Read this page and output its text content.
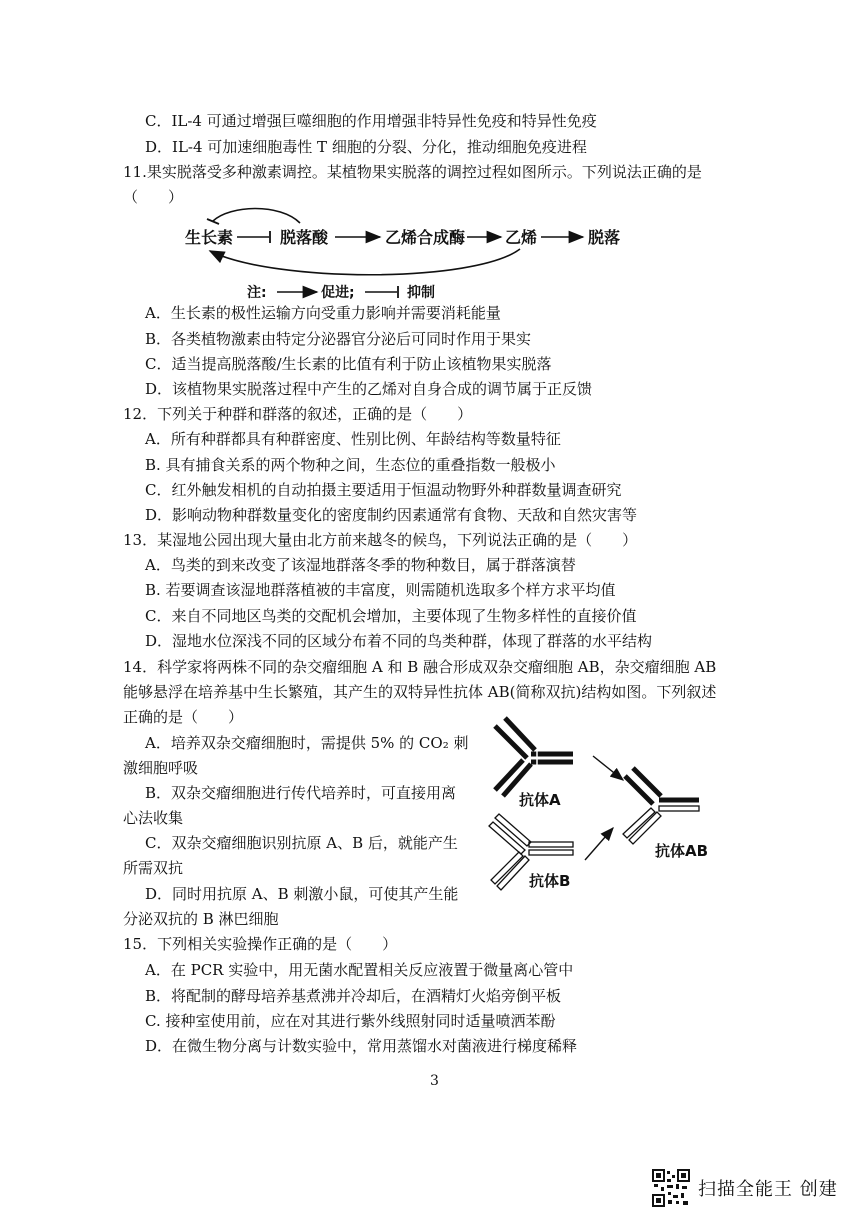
C．IL-4 可通过增强巨噬细胞的作用增强非特异性免疫和特异性免疫
D．IL-4 可加速细胞毒性 T 细胞的分裂、分化，推动细胞免疫进程
11.果实脱落受多种激素调控。某植物果实脱落的调控过程如图所示。下列说法正确的是
（　　）
生长素	脱落酸	乙烯合成酶 乙烯	脱落
注:	促进;	抑制
A．生长素的极性运输方向受重力影响并需要消耗能量
B．各类植物激素由特定分泌器官分泌后可同时作用于果实
C．适当提高脱落酸/生长素的比值有利于防止该植物果实脱落
D．该植物果实脱落过程中产生的乙烯对自身合成的调节属于正反馈
12．下列关于种群和群落的叙述，正确的是（　　）
A．所有种群都具有种群密度、性别比例、年龄结构等数量特征
B. 具有捕食关系的两个物种之间，生态位的重叠指数一般极小
C．红外触发相机的自动拍摄主要适用于恒温动物野外种群数量调查研究
D．影响动物种群数量变化的密度制约因素通常有食物、天敌和自然灾害等
13．某湿地公园出现大量由北方前来越冬的候鸟，下列说法正确的是（　　）
A．鸟类的到来改变了该湿地群落冬季的物种数目，属于群落演替
B. 若要调查该湿地群落植被的丰富度，则需随机选取多个样方求平均值
C．来自不同地区鸟类的交配机会增加，主要体现了生物多样性的直接价值
D．湿地水位深浅不同的区域分布着不同的鸟类种群，体现了群落的水平结构
14．科学家将两株不同的杂交瘤细胞 A 和 B 融合形成双杂交瘤细胞 AB，杂交瘤细胞 AB
能够悬浮在培养基中生长繁殖，其产生的双特异性抗体 AB(简称双抗)结构如图。下列叙述
正确的是（　　）
A．培养双杂交瘤细胞时，需提供 5% 的 CO₂ 刺
激细胞呼吸
B．双杂交瘤细胞进行传代培养时，可直接用离
心法收集
C．双杂交瘤细胞识别抗原 A、B 后，就能产生
所需双抗
D．同时用抗原 A、B 刺激小鼠，可使其产生能
分泌双抗的 B 淋巴细胞
抗体A
抗体B
抗体AB
15．下列相关实验操作正确的是（　　）
A．在 PCR 实验中，用无菌水配置相关反应液置于微量离心管中
B．将配制的酵母培养基煮沸并冷却后，在酒精灯火焰旁倒平板
C. 接种室使用前，应在对其进行紫外线照射同时适量喷洒苯酚
D．在微生物分离与计数实验中，常用蒸馏水对菌液进行梯度稀释
3
扫描全能王 创建
